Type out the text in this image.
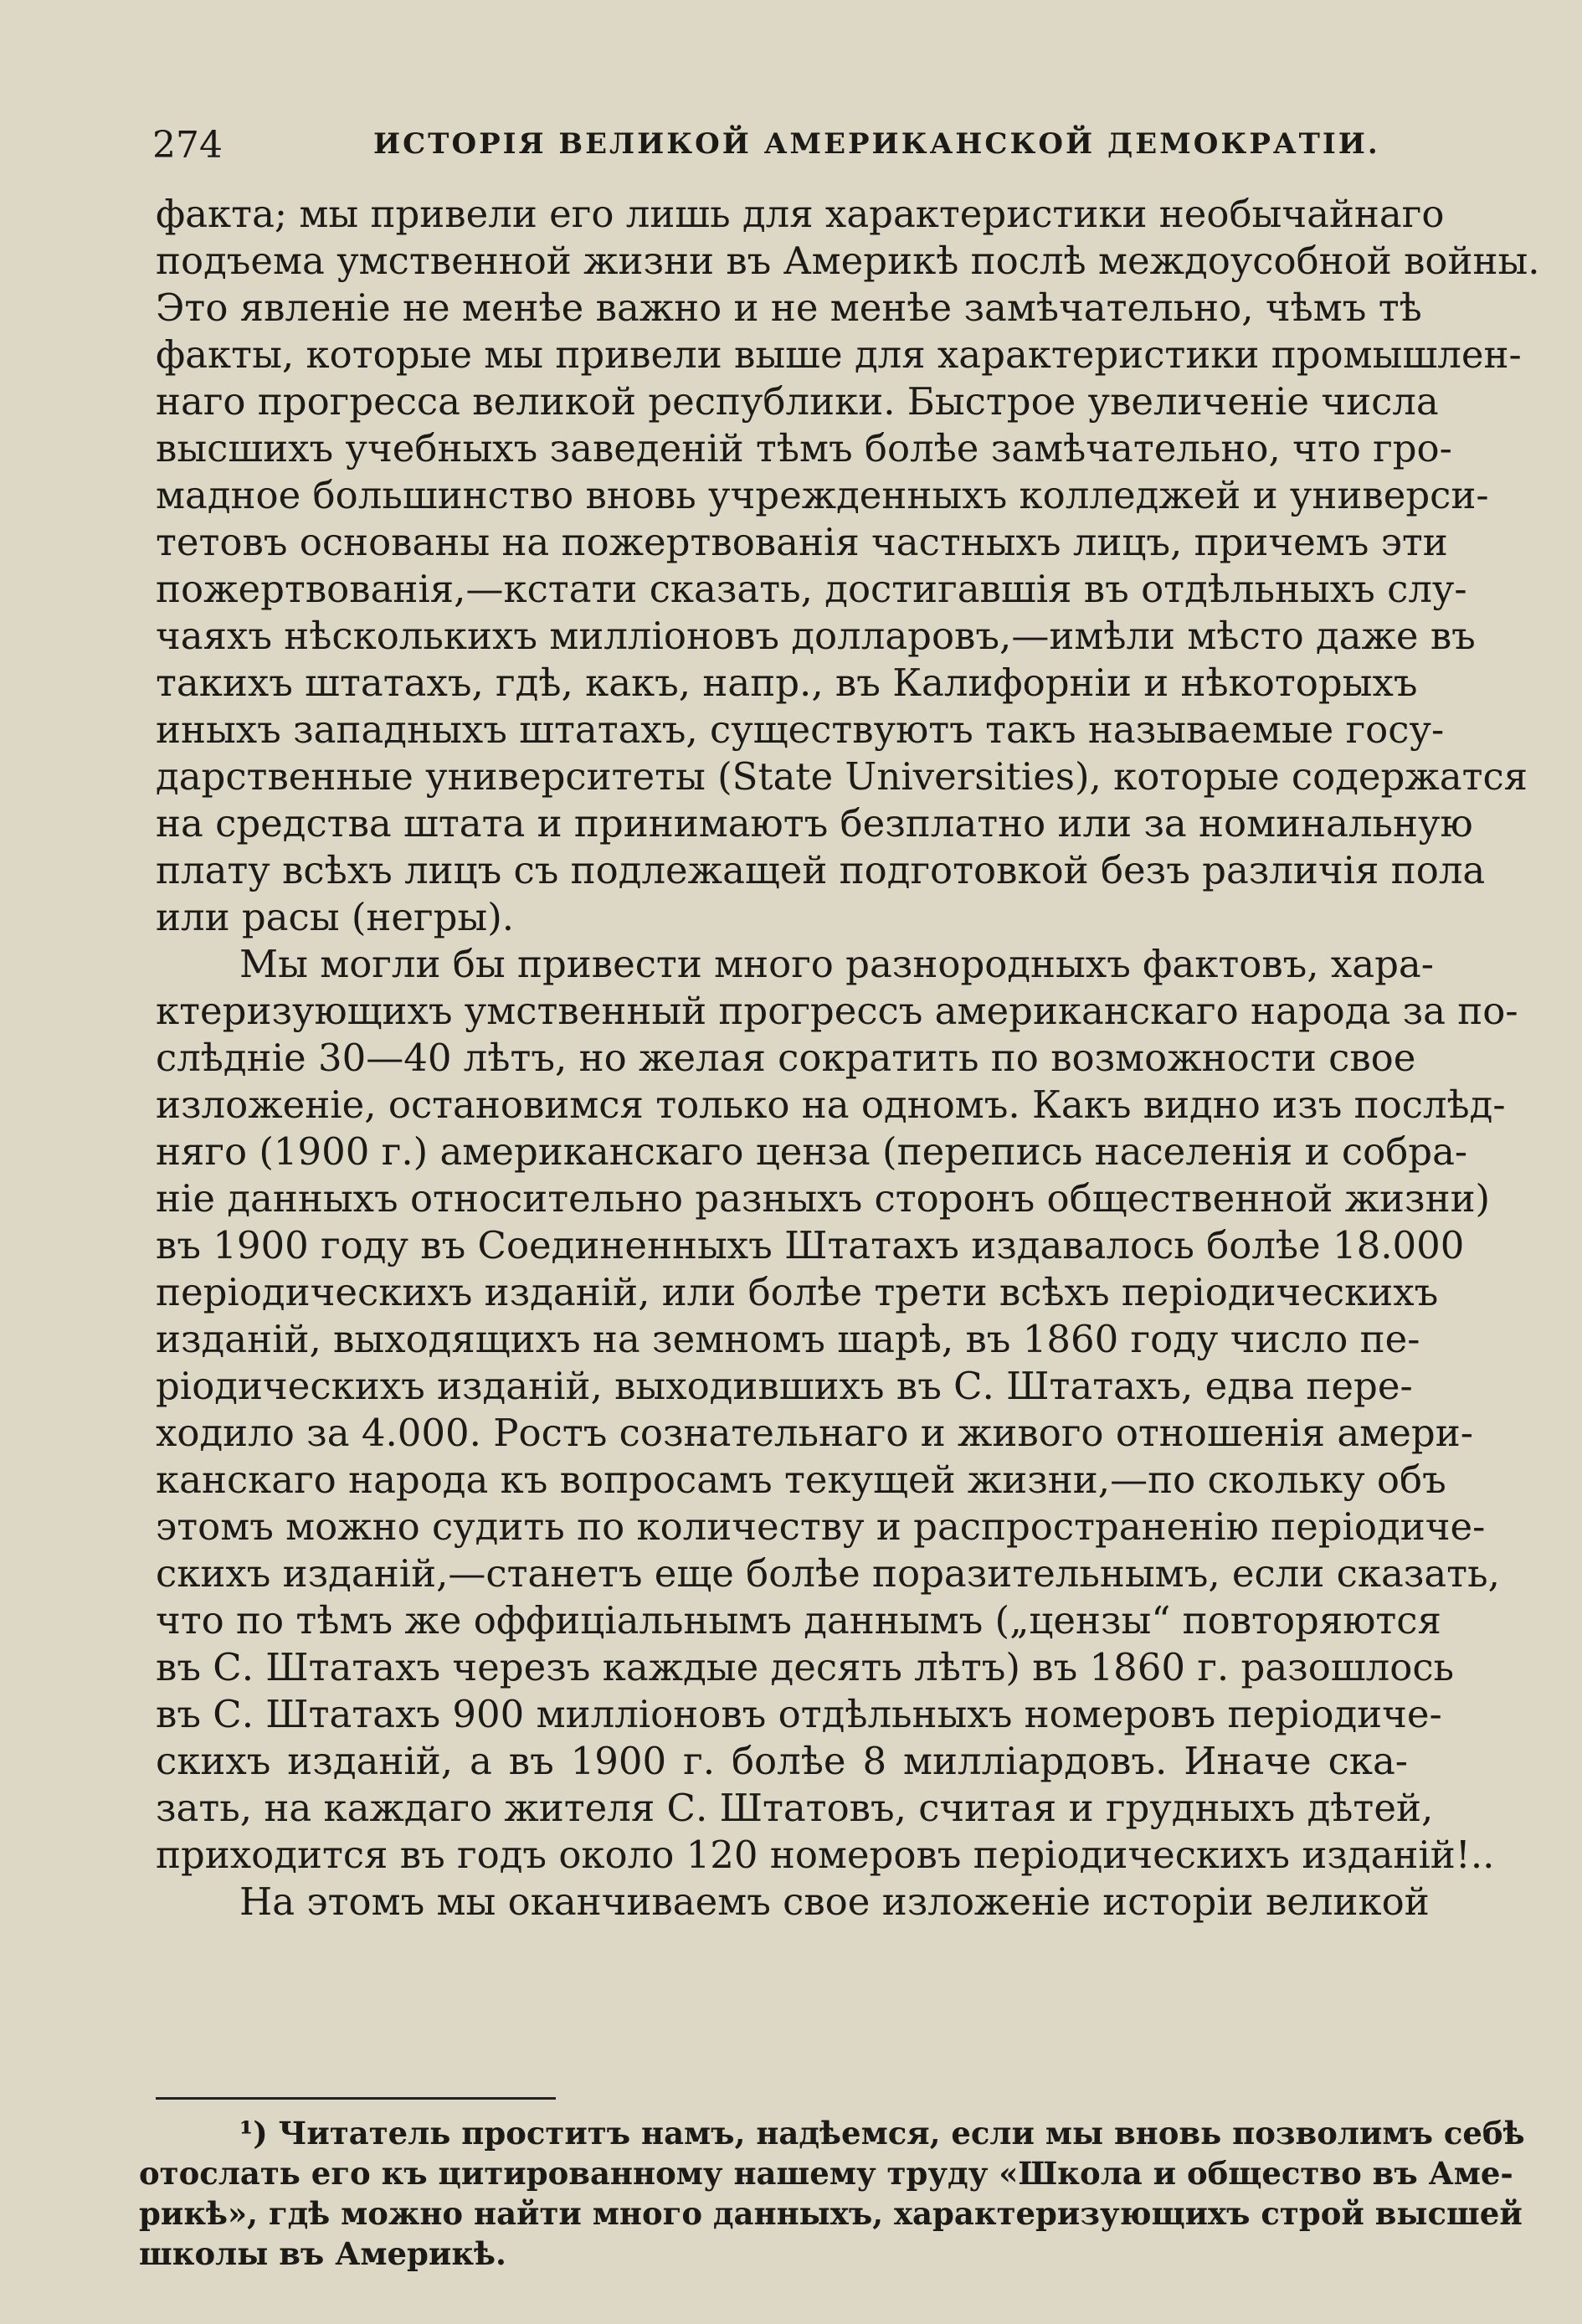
274	ИСТОРІЯ ВЕЛИКОЙ АМЕРИКАНСКОЙ ДЕМОКРАТІИ.
факта; мы привели его лишь для характеристики необычайнаго
подъема умственной жизни въ Америкѣ послѣ междоусобной войны.
Это явленіе не менѣе важно и не менѣе замѣчательно, чѣмъ тѣ
факты, которые мы привели выше для характеристики промышлен-
наго прогресса великой республики. Быстрое увеличеніе числа
высшихъ учебныхъ заведеній тѣмъ болѣе замѣчательно, что гро-
мадное большинство вновь учрежденныхъ колледжей и универси-
тетовъ основаны на пожертвованія частныхъ лицъ, причемъ эти
пожертвованія,—кстати сказать, достигавшія въ отдѣльныхъ слу-
чаяхъ нѣсколькихъ милліоновъ долларовъ,—имѣли мѣсто даже въ
такихъ штатахъ, гдѣ, какъ, напр., въ Калифорніи и нѣкоторыхъ
иныхъ западныхъ штатахъ, существуютъ такъ называемые госу-
дарственные университеты (State Universities), которые содержатся
на средства штата и принимаютъ безплатно или за номинальную
плату всѣхъ лицъ съ подлежащей подготовкой безъ различія пола
или расы (негры).
Мы могли бы привести много разнородныхъ фактовъ, хара-
ктеризующихъ умственный прогрессъ американскаго народа за по-
слѣдніе 30—40 лѣтъ, но желая сократить по возможности свое
изложеніе, остановимся только на одномъ. Какъ видно изъ послѣд-
няго (1900 г.) американскаго ценза (перепись населенія и собра-
ніе данныхъ относительно разныхъ сторонъ общественной жизни)
въ 1900 году въ Соединенныхъ Штатахъ издавалось болѣе 18.000
періодическихъ изданій, или болѣе трети всѣхъ періодическихъ
изданій, выходящихъ на земномъ шарѣ, въ 1860 году число пе-
ріодическихъ изданій, выходившихъ въ С. Штатахъ, едва пере-
ходило за 4.000. Ростъ сознательнаго и живого отношенія амери-
канскаго народа къ вопросамъ текущей жизни,—по скольку объ
этомъ можно судить по количеству и распространенію періодиче-
скихъ изданій,—станетъ еще болѣе поразительнымъ, если сказать,
что по тѣмъ же оффиціальнымъ даннымъ („цензы“ повторяются
въ С. Штатахъ черезъ каждые десять лѣтъ) въ 1860 г. разошлось
въ С. Штатахъ 900 милліоновъ отдѣльныхъ номеровъ періодиче-
скихъ изданій, а въ 1900 г. болѣе 8 милліардовъ. Иначе ска-
зать, на каждаго жителя С. Штатовъ, считая и грудныхъ дѣтей,
приходится въ годъ около 120 номеровъ періодическихъ изданій!..
На этомъ мы оканчиваемъ свое изложеніе исторіи великой
¹) Читатель проститъ намъ, надѣемся, если мы вновь позволимъ себѣ
отослать его къ цитированному нашему труду «Школа и общество въ Аме-
рикѣ», гдѣ можно найти много данныхъ, характеризующихъ строй высшей
школы въ Америкѣ.
